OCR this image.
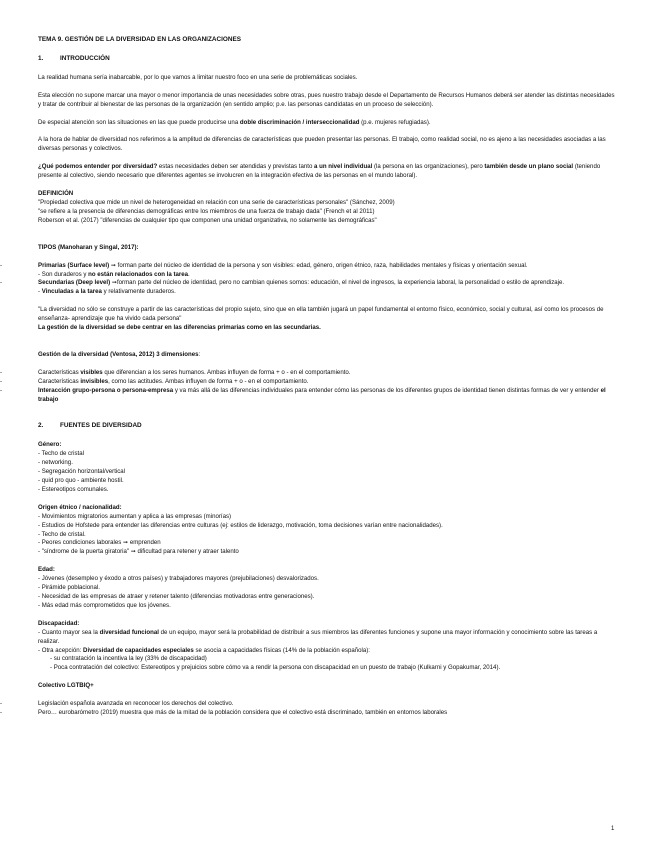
TEMA 9. GESTIÓN DE LA DIVERSIDAD EN LAS ORGANIZACIONES
1.	INTRODUCCIÓN
La realidad humana sería inabarcable, por lo que vamos a limitar nuestro foco en una serie de problemáticas sociales.
Esta elección no supone marcar una mayor o menor importancia de unas necesidades sobre otras, pues nuestro trabajo desde el Departamento de Recursos Humanos deberá ser atender las distintas necesidades y tratar de contribuir al bienestar de las personas de la organización (en sentido amplio; p.e. las personas candidatas en un proceso de selección).
De especial atención son las situaciones en las que puede producirse una doble discriminación / interseccionalidad (p.e. mujeres refugiadas).
A la hora de hablar de diversidad nos referimos a la amplitud de diferencias de características que pueden presentar las personas. El trabajo, como realidad social, no es ajeno a las necesidades asociadas a las diversas personas y colectivos.
¿Qué podemos entender por diversidad? estas necesidades deben ser atendidas y previstas tanto a un nivel individual (la persona en las organizaciones), pero también desde un plano social (teniendo presente al colectivo, siendo necesario que diferentes agentes se involucren en la integración efectiva de las personas en el mundo laboral).
DEFINICIÓN
"Propiedad colectiva que mide un nivel de heterogeneidad en relación con una serie de características personales" (Sánchez, 2009)
"se refiere a la presencia de diferencias demográficas entre los miembros de una fuerza de trabajo dada" (French et al 2011)
Roberson et al. (2017) "diferencias de cualquier tipo que componen una unidad organizativa, no solamente las demográficas"
TIPOS (Manoharan y Singal, 2017):
- Primarias (Surface level) ➞ forman parte del núcleo de identidad de la persona y son visibles: edad, género, origen étnico, raza, habilidades mentales y físicas y orientación sexual.
- Son duraderos y no están relacionados con la tarea.
- Secundarias (Deep level) ➞forman parte del núcleo de identidad, pero no cambian quienes somos: educación, el nivel de ingresos, la experiencia laboral, la personalidad o estilo de aprendizaje.
- Vinculadas a la tarea y relativamente duraderos.
"La diversidad no sólo se construye a partir de las características del propio sujeto, sino que en ella también jugará un papel fundamental el entorno físico, económico, social y cultural, así como los procesos de enseñanza- aprendizaje que ha vivido cada persona"
La gestión de la diversidad se debe centrar en las diferencias primarias como en las secundarias.
Gestión de la diversidad (Ventosa, 2012) 3 dimensiones:
- Características visibles que diferencian a los seres humanos. Ambas influyen de forma + o - en el comportamiento.
- Características invisibles, como las actitudes. Ambas influyen de forma + o - en el comportamiento.
- Interacción grupo-persona o persona-empresa y va más allá de las diferencias individuales para entender cómo las personas de los diferentes grupos de identidad tienen distintas formas de ver y entender el trabajo
2.	FUENTES DE DIVERSIDAD
Género:
- Techo de cristal
- networking.
- Segregación horizontal/vertical
- quid pro quo - ambiente hostil.
- Estereotipos comunales.
Origen étnico / nacionalidad:
- Movimientos migratorios aumentan y aplica a las empresas (minorías)
- Estudios de Hofstede para entender las diferencias entre culturas (ej: estilos de liderazgo, motivación, toma decisiones varían entre nacionalidades).
- Techo de cristal.
- Peores condiciones laborales ➞ emprenden
- "síndrome de la puerta giratoria" ➞ dificultad para retener y atraer talento
Edad:
- Jóvenes (desempleo y éxodo a otros países) y trabajadores mayores (prejubilaciones) desvalorizados.
- Pirámide poblacional.
- Necesidad de las empresas de atraer y retener talento (diferencias motivadoras entre generaciones).
- Más edad más comprometidos que los jóvenes.
Discapacidad:
- Cuanto mayor sea la diversidad funcional de un equipo, mayor será la probabilidad de distribuir a sus miembros las diferentes funciones y supone una mayor información y conocimiento sobre las tareas a realizar.
- Otra acepción: Diversidad de capacidades especiales se asocia a capacidades físicas (14% de la población española):
- su contratación la incentiva la ley (33% de discapacidad)
- Poca contratación del colectivo: Estereotipos y prejuicios sobre cómo va a rendir la persona con discapacidad en un puesto de trabajo (Kulkarni y Gopakumar, 2014).
Colectivo LGTBIQ+
- Legislación española avanzada en reconocer los derechos del colectivo.
- Pero… eurobarómetro (2019) muestra que más de la mitad de la población considera que el colectivo está discriminado, también en entornos laborales
1
